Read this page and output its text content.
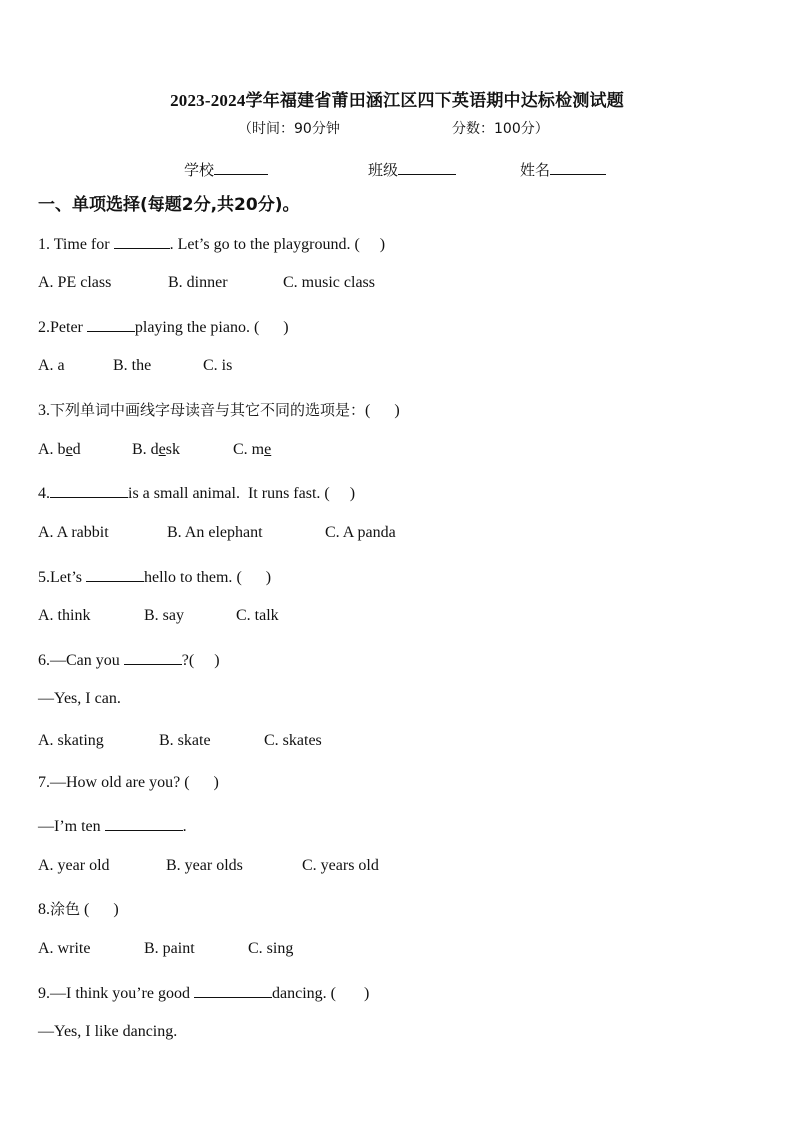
2023-2024学年福建省莆田涵江区四下英语期中达标检测试题
（时间：90分钟	分数：100分）
学校	班级	姓名
一、单项选择(每题2分,共20分)。
1. Time for	. Let’s go to the playground. (     )
A. PE class	B. dinner	C. music class
2.Peter	playing the piano. (      )
A. a	B. the	C. is
3.下列单词中画线字母读音与其它不同的选项是：(      )
A. bed	B. desk	C. me
4.	is a small animal.  It runs fast. (     )
A. A rabbit	B. An elephant	C. A panda
5.Let’s	hello to them. (      )
A. think	B. say	C. talk
6.—Can you	?(     )
—Yes, I can.
A. skating	B. skate	C. skates
7.—How old are you? (      )
—I’m ten	.
A. year old	B. year olds	C. years old
8.涂色 (      )
A. write	B. paint	C. sing
9.—I think you’re good	dancing. (       )
—Yes, I like dancing.
